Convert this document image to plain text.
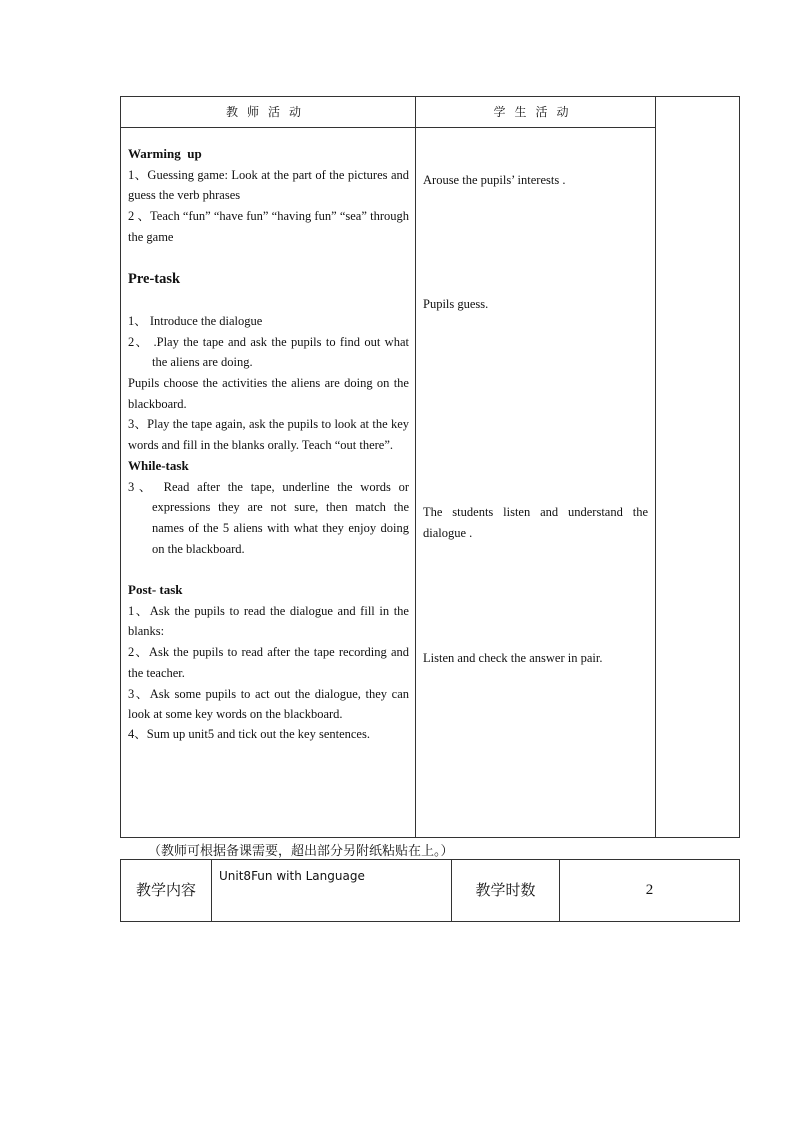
教师活动	学生活动

Warming  up

1、Guessing game: Look at the part of the pictures and guess the verb phrases

2 、Teach “fun” “have fun” “having fun” “sea” through the game

Pre-task

1、 Introduce the dialogue

2、 .Play the tape and ask the pupils to find out what the aliens are doing.

Pupils choose the activities the aliens are doing on the blackboard.

3、Play the tape again, ask the pupils to look at the key words and fill in the blanks orally. Teach “out there”.

While-task

3、 Read after the tape, underline the words or expressions they are not sure, then match the names of the 5 aliens with what they enjoy doing on the blackboard.

Post- task

1、Ask the pupils to read the dialogue and fill in the blanks:

2、Ask the pupils to read after the tape recording and the teacher.

3、Ask some pupils to act out the dialogue, they can look at some key words on the blackboard.

4、Sum up unit5 and tick out the key sentences.

Arouse the pupils’ interests .

Pupils guess.

The students listen and understand the dialogue .

Listen and check the answer in pair.

（教师可根据备课需要，超出部分另附纸粘贴在上。）
教学内容
Unit8Fun with Language
教学时数	2
